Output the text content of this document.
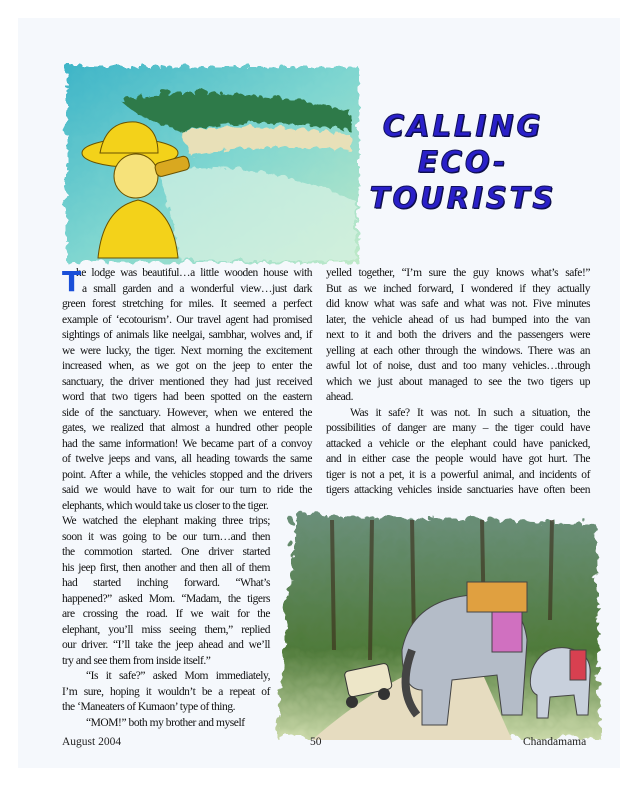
CALLING
ECO-
TOURISTS
T
he lodge was beautiful…a little wooden house with
a small garden and a wonderful view…just dark
green forest stretching for miles. It seemed a perfect
example of ‘ecotourism’. Our travel agent had promised
sightings of animals like neelgai, sambhar, wolves and, if
we were lucky, the tiger. Next morning the excitement
increased when, as we got on the jeep to enter the
sanctuary, the driver mentioned they had just received
word that two tigers had been spotted on the eastern
side of the sanctuary. However, when we entered the
gates, we realized that almost a hundred other people
had the same information! We became part of a convoy
of twelve jeeps and vans, all heading towards the same
point. After a while, the vehicles stopped and the drivers
said we would have to wait for our turn to ride the
elephants, which would take us closer to the tiger.
We watched the elephant making three trips;
soon it was going to be our turn…and then
the commotion started. One driver started
his jeep first, then another and then all of them
had started inching forward. “What’s
happened?” asked Mom. “Madam, the tigers
are crossing the road. If we wait for the
elephant, you’ll miss seeing them,” replied
our driver. “I’ll take the jeep ahead and we’ll
try and see them from inside itself.”
“Is it safe?” asked Mom immediately,
I’m sure, hoping it wouldn’t be a repeat of
the ‘Maneaters of Kumaon’ type of thing.
“MOM!” both my brother and myself
yelled together, “I’m sure the guy knows what’s safe!”
But as we inched forward, I wondered if they actually
did know what was safe and what was not. Five minutes
later, the vehicle ahead of us had bumped into the van
next to it and both the drivers and the passengers were
yelling at each other through the windows. There was an
awful lot of noise, dust and too many vehicles…through
which we just about managed to see the two tigers up
ahead.
Was it safe? It was not. In such a situation, the
possibilities of danger are many – the tiger could have
attacked a vehicle or the elephant could have panicked,
and in either case the people would have got hurt. The
tiger is not a pet, it is a powerful animal, and incidents of
tigers attacking vehicles inside sanctuaries have often been
August 2004	50	Chandamama
